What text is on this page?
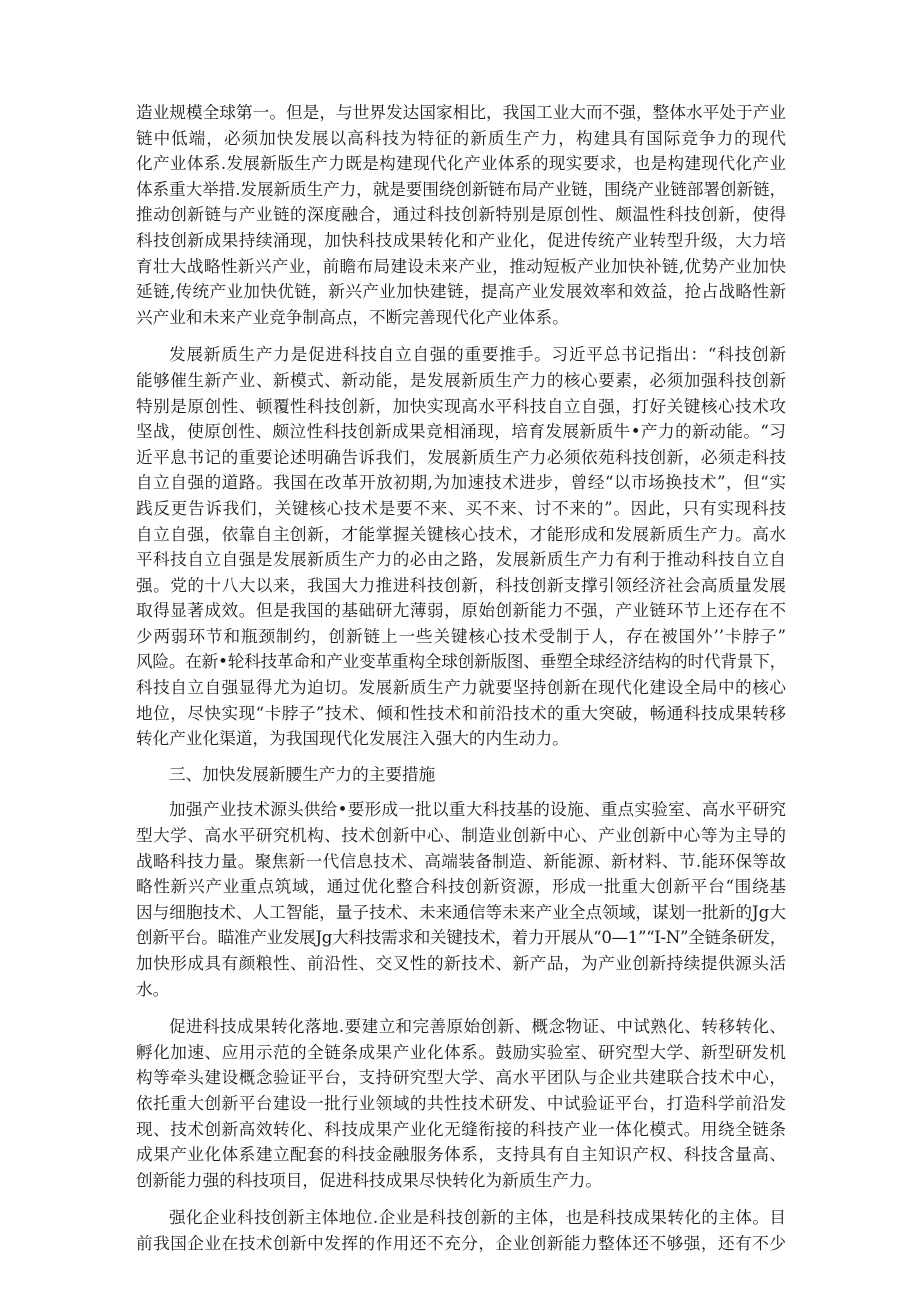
造业规模全球第一。但是，与世界发达国家相比，我国工业大而不强，整体水平处于产业
链中低端，必须加快发展以高科技为特征的新质生产力，构建具有国际竞争力的现代
化产业体系.发展新版生产力既是构建现代化产业体系的现实要求，也是构建现代化产业
体系重大举措.发展新质生产力，就是要围绕创新链布局产业链，围绕产业链部署创新链，
推动创新链与产业链的深度融合，通过科技创新特别是原创性、颇温性科技创新，使得
科技创新成果持续涌现，加快科技成果转化和产业化，促进传统产业转型升级，大力培
育壮大战略性新兴产业，前瞻布局建设未来产业，推动短板产业加快补链,优势产业加快
延链,传统产业加快优链，新兴产业加快建链，提高产业发展效率和效益，抢占战略性新
兴产业和未来产业竞争制高点，不断完善现代化产业体系。
发展新质生产力是促进科技自立自强的重要推手。习近平总书记指出：“科技创新
能够催生新产业、新模式、新动能，是发展新质生产力的核心要素，必须加强科技创新
特别是原创性、顿覆性科技创新，加快实现高水平科技自立自强，打好关键核心技术攻
坚战，使原创性、颇泣性科技创新成果竞相涌现，培育发展新质牛•产力的新动能。“习
近平息书记的重要论述明确告诉我们，发展新质生产力必须依苑科技创新，必须走科技
自立自强的道路。我国在改革开放初期,为加速技术进步，曾经“以市场换技术”，但“实
践反更告诉我们，关键核心技术是要不来、买不来、讨不来的”。因此，只有实现科技
自立自强，依靠自主创新，才能掌握关键核心技术，才能形成和发展新质生产力。高水
平科技自立自强是发展新质生产力的必由之路，发展新质生产力有利于推动科技自立自
强。党的十八大以来，我国大力推进科技创新，科技创新支撑引领经济社会高质量发展
取得显著成效。但是我国的基础研尢薄弱，原始创新能力不强，产业链环节上还存在不
少两弱环节和瓶颈制约，创新链上一些关键核心技术受制于人，存在被国外’’卡脖子”
风险。在新•轮科技革命和产业变革重构全球创新版图、垂塑全球经济结构的时代背景下，
科技自立自强显得尤为迫切。发展新质生产力就要坚持创新在现代化建设全局中的核心
地位，尽快实现“卡脖子”技术、倾和性技术和前沿技术的重大突破，畅通科技成果转移
转化产业化渠道，为我国现代化发展注入强大的内生动力。
三、加快发展新腰生产力的主要措施
加强产业技术源头供给•要形成一批以重大科技基的设施、重点实验室、高水平研究
型大学、高水平研究机构、技术创新中心、制造业创新中心、产业创新中心等为主导的
战略科技力量。聚焦新一代信息技术、高端装备制造、新能源、新材料、节.能环保等故
略性新兴产业重点筑域，通过优化整合科技创新资源，形成一批重大创新平台“围绕基
因与细胞技术、人工智能，量子技术、未来通信等未来产业全点领域，谋划一批新的Jg大
创新平台。瞄准产业发展Jg大科技需求和关键技术，着力开展从“0—1”“I-N”全链条研发，
加快形成具有颜粮性、前沿性、交叉性的新技术、新产品，为产业创新持续提供源头活
水。
促进科技成果转化落地.要建立和完善原始创新、概念物证、中试熟化、转移转化、
孵化加速、应用示范的全链条成果产业化体系。鼓励实验室、研究型大学、新型研发机
构等牵头建设概念验证平台，支持研究型大学、高水平团队与企业共建联合技术中心，
依托重大创新平台建设一批行业领域的共性技术研发、中试验证平台，打造科学前沿发
现、技术创新高效转化、科技成果产业化无缝衔接的科技产业一体化模式。用绕全链条
成果产业化体系建立配套的科技金融服务体系，支持具有自主知识产权、科技含量高、
创新能力强的科技项目，促进科技成果尽快转化为新质生产力。
强化企业科技创新主体地位.企业是科技创新的主体，也是科技成果转化的主体。目
前我国企业在技术创新中发挥的作用还不充分，企业创新能力整体还不够强，还有不少
